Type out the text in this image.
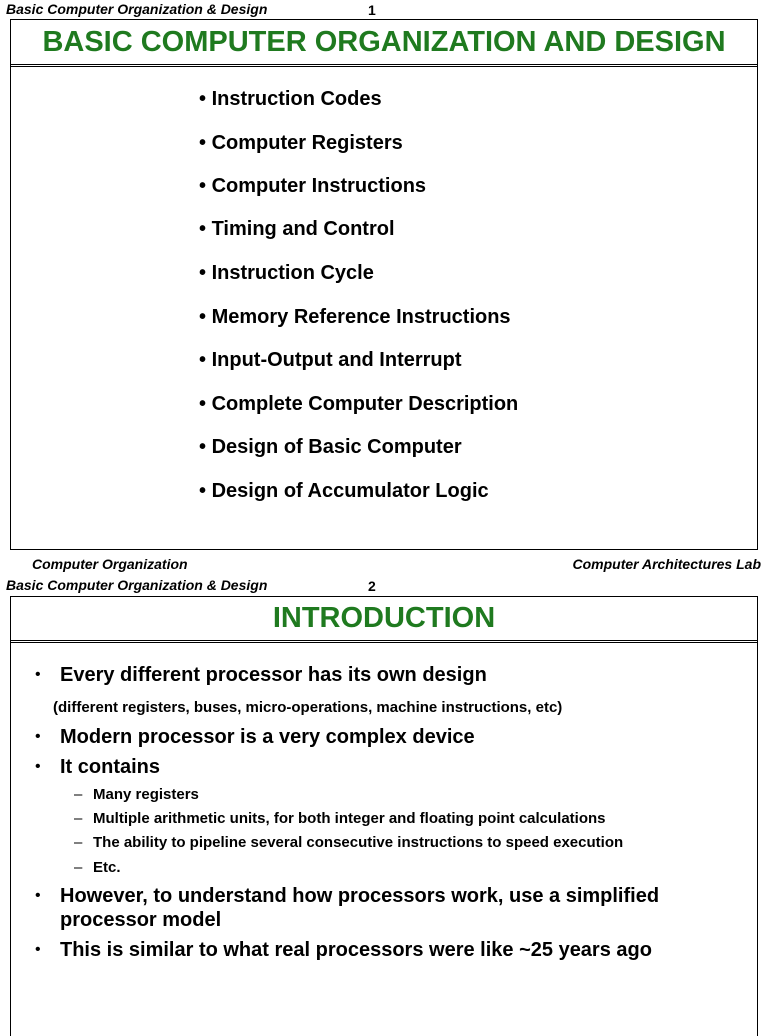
Basic Computer Organization & Design	1
BASIC COMPUTER ORGANIZATION AND DESIGN
• Instruction Codes
• Computer Registers
• Computer Instructions
• Timing and Control
• Instruction Cycle
• Memory Reference Instructions
• Input-Output and Interrupt
• Complete Computer Description
• Design of Basic Computer
• Design of Accumulator Logic
Computer Organization	Computer Architectures Lab
Basic Computer Organization & Design	2
INTRODUCTION
• Every different processor has its own design
(different registers, buses, micro-operations, machine instructions, etc)
• Modern processor is a very complex device
• It contains
– Many registers
– Multiple arithmetic units, for both integer and floating point calculations
– The ability to pipeline several consecutive instructions to speed execution
– Etc.
• However, to understand how processors work, use a simplified
processor model
• This is similar to what real processors were like ~25 years ago
